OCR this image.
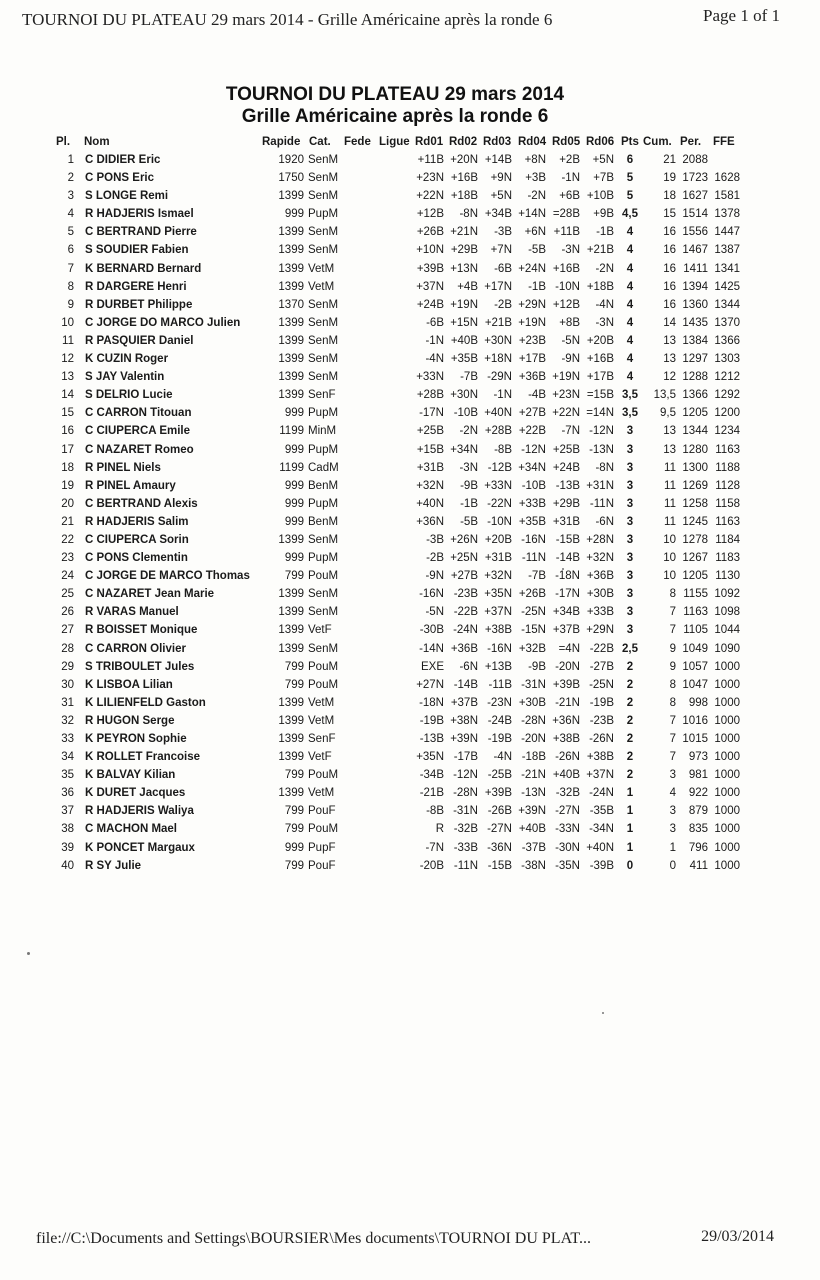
TOURNOI DU PLATEAU 29 mars 2014 - Grille Américaine après la ronde 6	Page 1 of 1
TOURNOI DU PLATEAU 29 mars 2014
Grille Américaine après la ronde 6
Pl. Nom	Rapide Cat. Fede Ligue Rd01 Rd02 Rd03 Rd04 Rd05 Rd06 Pts Cum. Per. FFE
1 C DIDIER Eric	1920 SenM	+11B +20N +14B	+8N	+2B	+5N	6	21 2088
2 C PONS Eric	1750 SenM	+23N +16B	+9N	+3B	-1N	+7B	5	19 1723 1628
3 S LONGE Remi	1399 SenM	+22N +18B	+5N	-2N	+6B +10B	5	18 1627 1581
4 R HADJERIS Ismael	999 PupM	+12B	-8N +34B +14N =28B	+9B 4,5	15 1514 1378
5 C BERTRAND Pierre	1399 SenM	+26B +21N	-3B	+6N +11B	-1B	4	16 1556 1447
6 S SOUDIER Fabien	1399 SenM	+10N +29B	+7N	-5B	-3N +21B	4	16 1467 1387
7 K BERNARD Bernard	1399 VetM	+39B +13N	-6B +24N +16B	-2N	4	16 1411 1341
8 R DARGERE Henri	1399 VetM	+37N	+4B +17N	-1B -10N +18B	4	16 1394 1425
9 R DURBET Philippe	1370 SenM	+24B +19N	-2B +29N +12B	-4N	4	16 1360 1344
10 C JORGE DO MARCO Julien	1399 SenM	-6B +15N +21B +19N	+8B	-3N	4	14 1435 1370
11 R PASQUIER Daniel	1399 SenM	-1N +40B +30N +23B	-5N +20B	4	13 1384 1366
12 K CUZIN Roger	1399 SenM	-4N +35B +18N +17B	-9N +16B	4	13 1297 1303
13 S JAY Valentin	1399 SenM	+33N	-7B -29N +36B +19N +17B	4	12 1288 1212
14 S DELRIO Lucie	1399 SenF	+28B +30N	-1N	-4B +23N =15B 3,5	13,5 1366 1292
15 C CARRON Titouan	999 PupM	-17N -10B +40N +27B +22N =14N 3,5	9,5 1205 1200
16 C CIUPERCA Emile	1199 MinM	+25B	-2N +28B +22B	-7N -12N	3	13 1344 1234
17 C NAZARET Romeo	999 PupM	+15B +34N	-8B -12N +25B -13N	3	13 1280 1163
18 R PINEL Niels	1199 CadM	+31B	-3N -12B +34N +24B	-8N	3	11 1300 1188
19 R PINEL Amaury	999 BenM	+32N	-9B +33N -10B -13B +31N	3	11 1269 1128
20 C BERTRAND Alexis	999 PupM	+40N	-1B -22N +33B +29B -11N	3	11 1258 1158
21 R HADJERIS Salim	999 BenM	+36N	-5B -10N +35B +31B	-6N	3	11 1245 1163
22 C CIUPERCA Sorin	1399 SenM	-3B +26N +20B -16N -15B +28N	3	10 1278 1184
23 C PONS Clementin	999 PupM	-2B +25N +31B -11N -14B +32N	3	10 1267 1183
24 C JORGE DE MARCO Thomas	799 PouM	-9N +27B +32N	-7B -18N +36B	3	10 1205 1130
25 C NAZARET Jean Marie	1399 SenM	-16N -23B +35N +26B -17N +30B	3	8 1155 1092
26 R VARAS Manuel	1399 SenM	-5N -22B +37N -25N +34B +33B	3	7 1163 1098
27 R BOISSET Monique	1399 VetF	-30B -24N +38B -15N +37B +29N	3	7 1105 1044
28 C CARRON Olivier	1399 SenM	-14N +36B -16N +32B	=4N -22B 2,5	9 1049 1090
29 S TRIBOULET Jules	799 PouM	EXE	-6N +13B	-9B -20N -27B	2	9 1057 1000
30 K LISBOA Lilian	799 PouM	+27N -14B -11B -31N +39B -25N	2	8 1047 1000
31 K LILIENFELD Gaston	1399 VetM	-18N +37B -23N +30B -21N -19B	2	8	998 1000
32 R HUGON Serge	1399 VetM	-19B +38N -24B -28N +36N -23B	2	7 1016 1000
33 K PEYRON Sophie	1399 SenF	-13B +39N -19B -20N +38B -26N	2	7 1015 1000
34 K ROLLET Francoise	1399 VetF	+35N -17B	-4N -18B -26N +38B	2	7	973 1000
35 K BALVAY Kilian	799 PouM	-34B -12N -25B -21N +40B +37N	2	3	981 1000
36 K DURET Jacques	1399 VetM	-21B -28N +39B -13N -32B -24N	1	4	922 1000
37 R HADJERIS Waliya	799 PouF	-8B -31N -26B +39N -27N -35B	1	3	879 1000
38 C MACHON Mael	799 PouM	R -32B -27N +40B -33N -34N	1	3	835 1000
39 K PONCET Margaux	999 PupF	-7N -33B -36N -37B -30N +40N	1	1	796 1000
40 R SY Julie	799 PouF	-20B -11N -15B -38N -35N -39B	0	0	411 1000
file://C:\Documents and Settings\BOURSIER\Mes documents\TOURNOI DU PLAT...	29/03/2014
